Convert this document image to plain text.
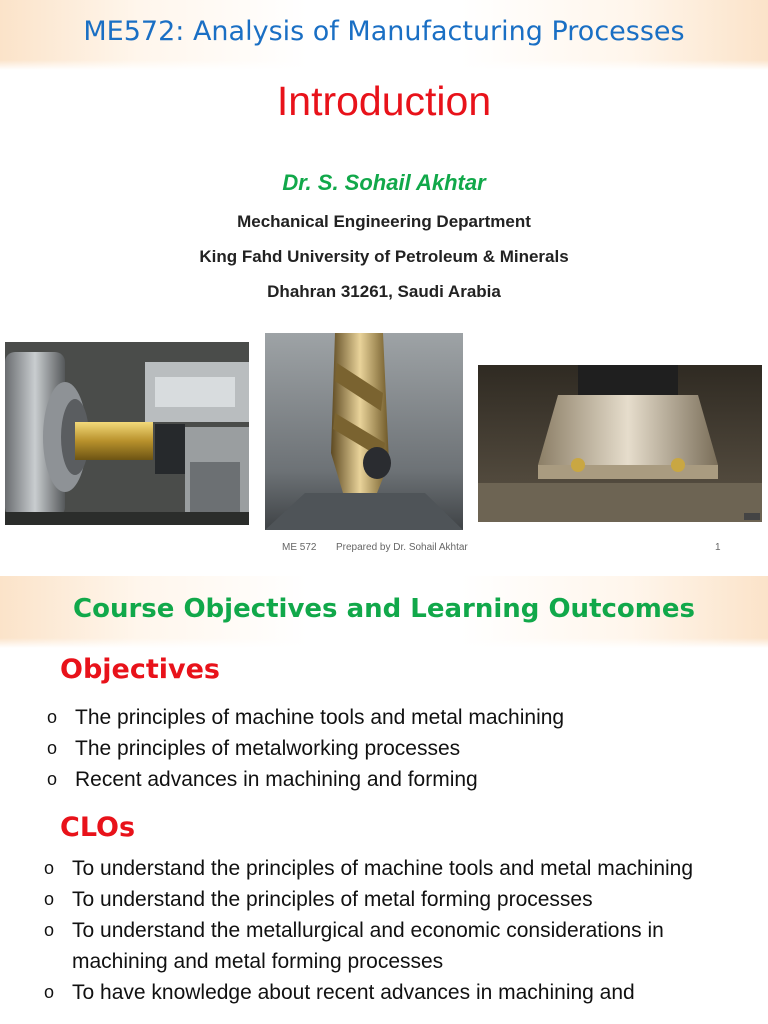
ME572: Analysis of Manufacturing Processes
Introduction
Dr. S. Sohail Akhtar
Mechanical Engineering Department
King Fahd University of Petroleum & Minerals
Dhahran 31261, Saudi Arabia
ME 572 Prepared by Dr. Sohail Akhtar	1
Course Objectives and Learning Outcomes
Objectives
o The principles of machine tools and metal machining
o The principles of metalworking processes
o Recent advances in machining and forming
CLOs
o To understand the principles of machine tools and metal machining
o To understand the principles of metal forming processes
o To understand the metallurgical and economic considerations in machining and metal forming processes
o To have knowledge about recent advances in machining and
